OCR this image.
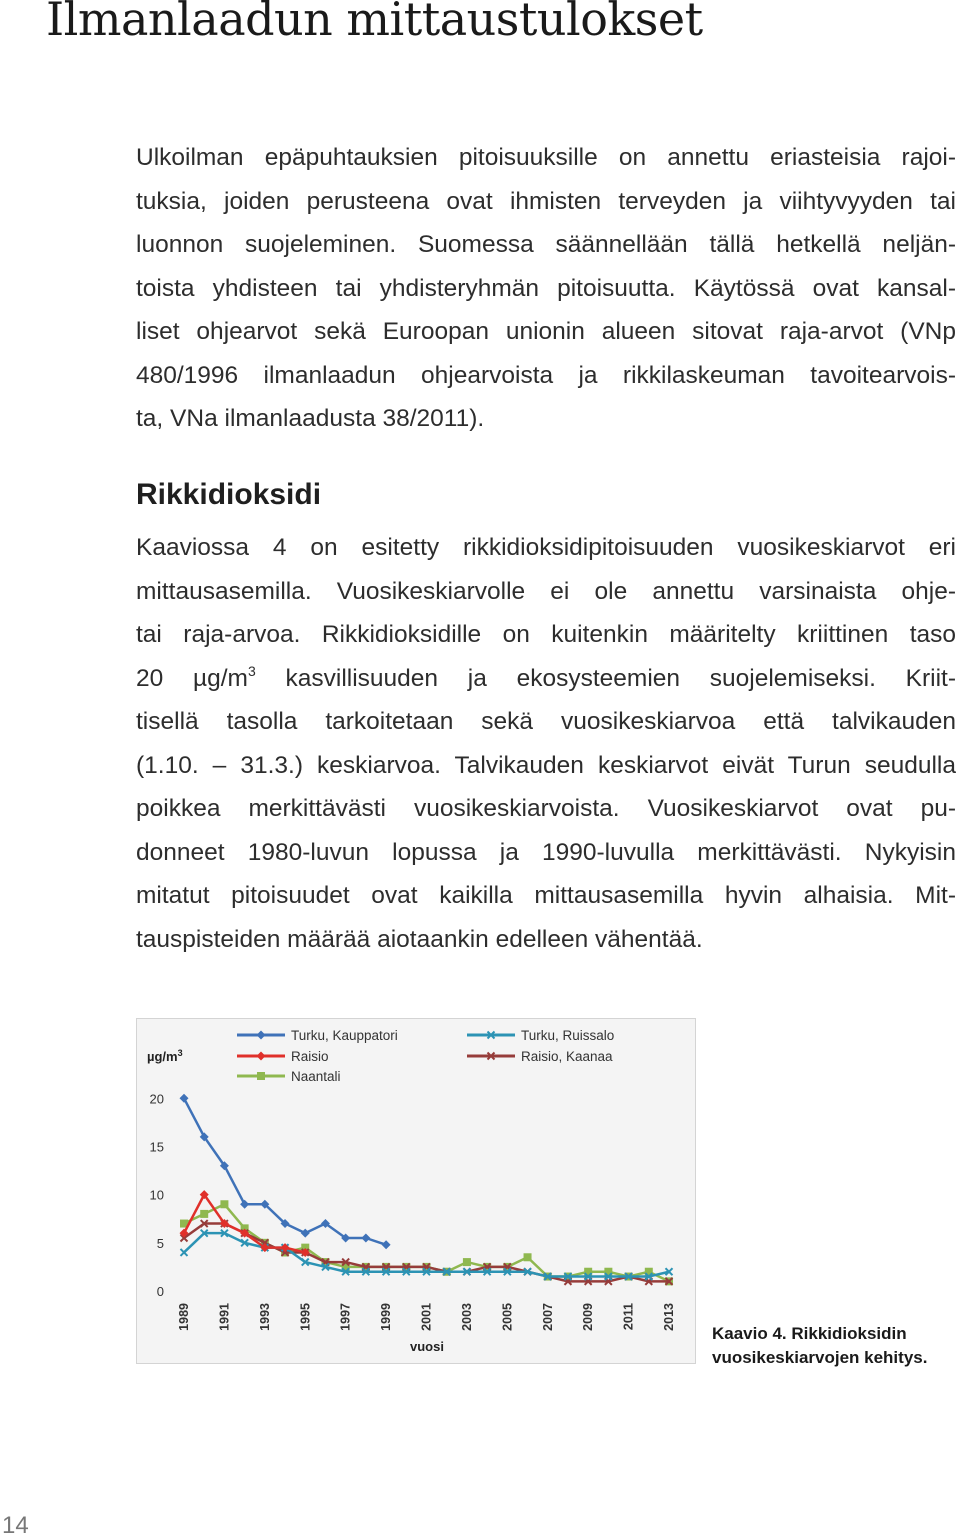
Ilmanlaadun mittaustulokset
Ulkoilman epäpuhtauksien pitoisuuksille on annettu eriasteisia rajoi-
tuksia, joiden perusteena ovat ihmisten terveyden ja viihtyvyyden tai
luonnon suojeleminen. Suomessa säännellään tällä hetkellä neljän-
toista yhdisteen tai yhdisteryhmän pitoisuutta. Käytössä ovat kansal-
liset ohjearvot sekä Euroopan unionin alueen sitovat raja-arvot (VNp
480/1996 ilmanlaadun ohjearvoista ja rikkilaskeuman tavoitearvois-
ta, VNa ilmanlaadusta 38/2011).
Rikkidioksidi
Kaaviossa 4 on esitetty rikkidioksidipitoisuuden vuosikeskiarvot eri
mittausasemilla. Vuosikeskiarvolle ei ole annettu varsinaista ohje-
tai raja-arvoa. Rikkidioksidille on kuitenkin määritelty kriittinen taso
20 $\mu g/m^3$ kasvillisuuden ja ekosysteemien suojelemiseksi. Kriit-
tisellä tasolla tarkoitetaan sekä vuosikeskiarvoa että talvikauden
(1.10. – 31.3.) keskiarvoa. Talvikauden keskiarvot eivät Turun seudulla
poikkea merkittävästi vuosikeskiarvoista. Vuosikeskiarvot ovat pu-
donneet 1980-luvun lopussa ja 1990-luvulla merkittävästi. Nykyisin
mitatut pitoisuudet ovat kaikilla mittausasemilla hyvin alhaisia. Mit-
tauspisteiden määrää aiotaankin edelleen vähentää.
0
5
10
15
20
$\mu g/m^3$
1989 1991 1993 1995 1997 1999 2001 2003 2005 2007 2009 2011 2013
vuosi
Turku, Kauppatori	Turku, Ruissalo
Raisio	Raisio, Kaanaa
Naantali

Kaavio 4. Rikkidioksidin
vuosikeskiarvojen kehitys.

14
